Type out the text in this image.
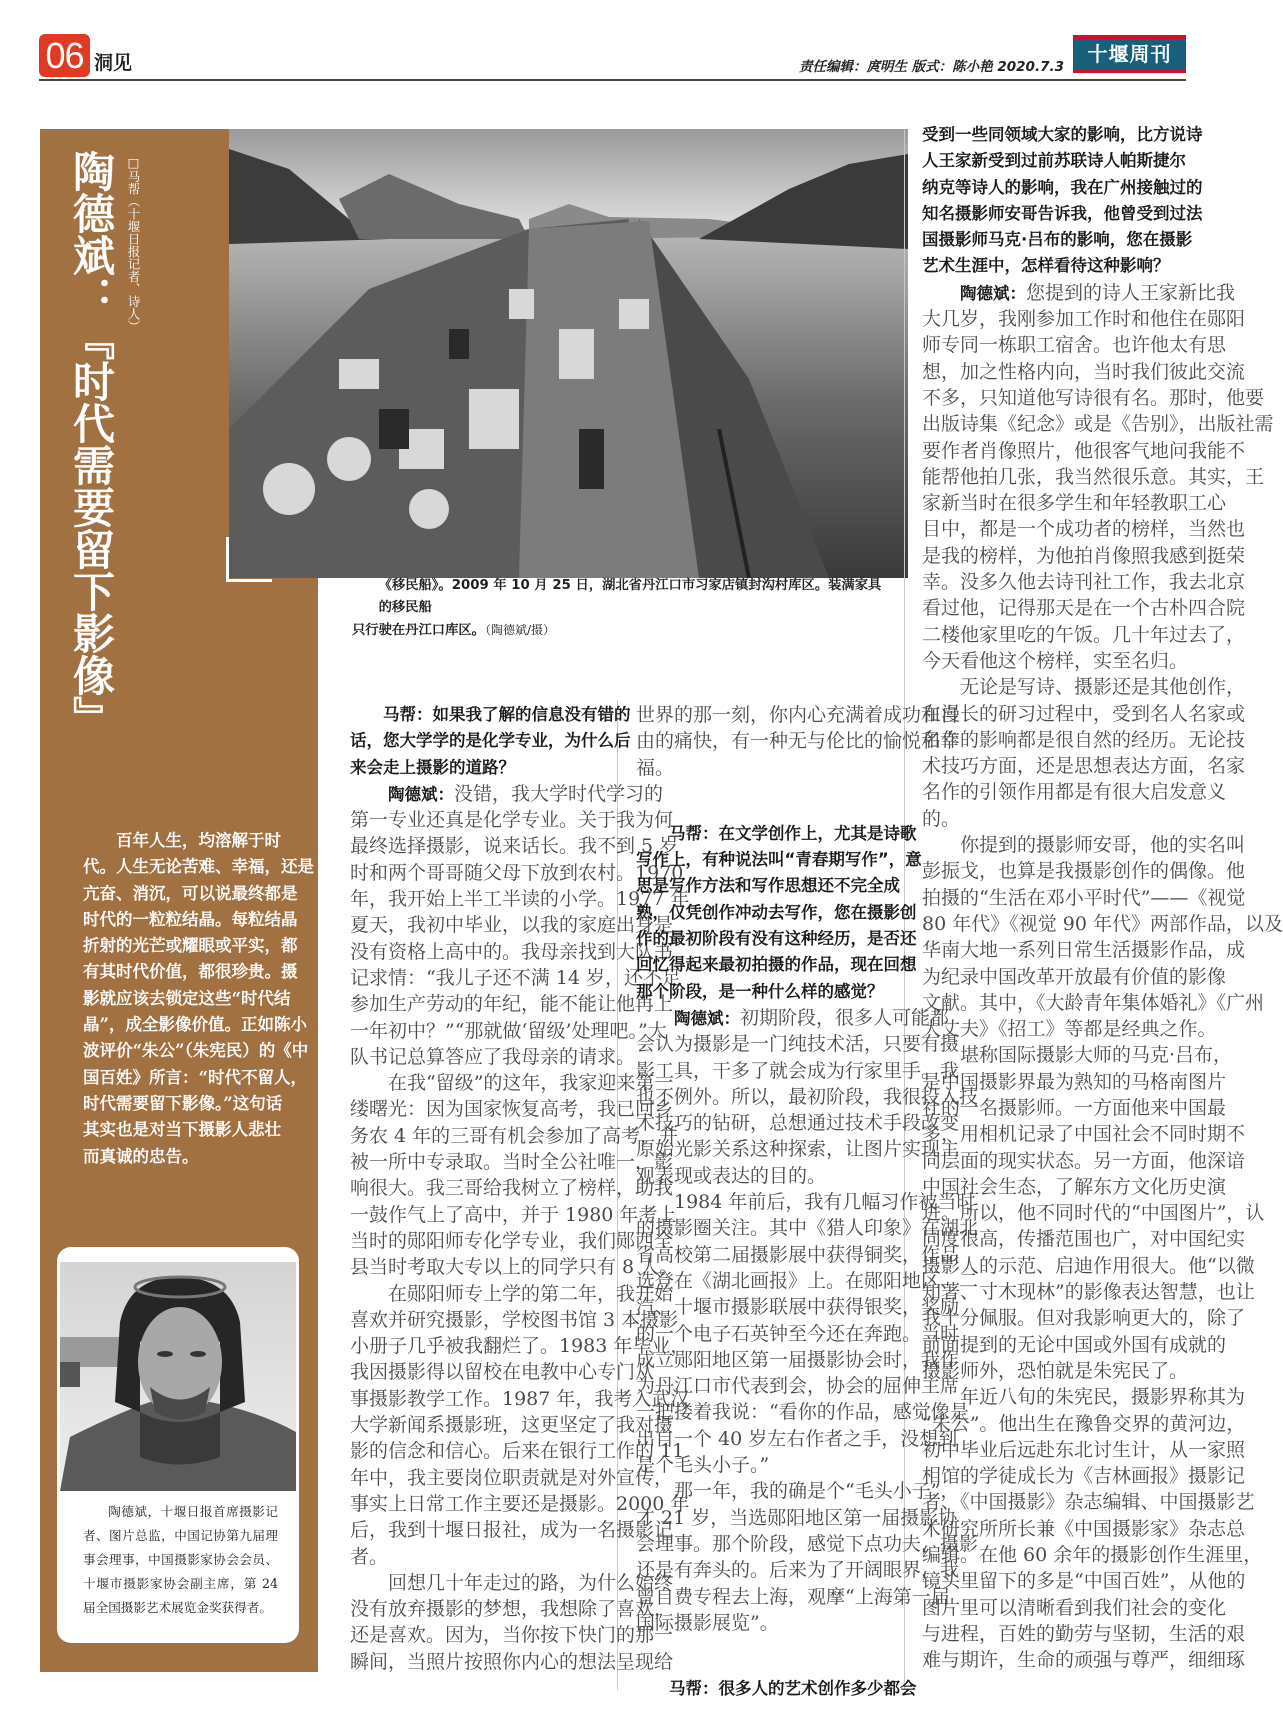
06 洞见	责任编辑：庹明生 版式：陈小艳 2020.7.3
十堰周刊
陶德斌：『时代需要留下影像』 □马帮（十堰日报记者、诗人）
百年人生，均溶解于时
代。人生无论苦难、幸福，还是
亢奋、消沉，可以说最终都是
时代的一粒粒结晶。每粒结晶
折射的光芒或耀眼或平实，都
有其时代价值，都很珍贵。摄
影就应该去锁定这些“时代结
晶”，成全影像价值。正如陈小
波评价“朱公”（朱宪民）的《中
国百姓》所言：“时代不留人，
时代需要留下影像。”这句话
其实也是对当下摄影人悲壮
而真诚的忠告。
《移民船》。2009 年 10 月 25 日，湖北省丹江口市习家店镇封沟村库区。装满家具的移民船
只行驶在丹江口库区。（陶德斌/摄）
陶德斌，十堰日报首席摄影记
者、图片总监，中国记协第九届理
事会理事，中国摄影家协会会员、
十堰市摄影家协会副主席，第 24
届全国摄影艺术展览金奖获得者。
马帮：如果我了解的信息没有错的
话，您大学学的是化学专业，为什么后
来会走上摄影的道路？
陶德斌：没错，我大学时代学习的
第一专业还真是化学专业。关于我为何
最终选择摄影，说来话长。我不到 5 岁
时和两个哥哥随父母下放到农村。1970
年，我开始上半工半读的小学。1977 年
夏天，我初中毕业，以我的家庭出身是
没有资格上高中的。我母亲找到大队书
记求情：“我儿子还不满 14 岁，还不足
参加生产劳动的年纪，能不能让他再上
一年初中？”“那就做‘留级’处理吧。”大
队书记总算答应了我母亲的请求。
在我“留级”的这年，我家迎来第一
缕曙光：因为国家恢复高考，我已回乡
务农 4 年的三哥有机会参加了高考，并
被一所中专录取。当时全公社唯一，影
响很大。我三哥给我树立了榜样，助我
一鼓作气上了高中，并于 1980 年考上
当时的郧阳师专化学专业，我们郧西全
县当时考取大专以上的同学只有 8 人。
在郧阳师专上学的第二年，我开始
喜欢并研究摄影，学校图书馆 3 本摄影
小册子几乎被我翻烂了。1983 年毕业，
我因摄影得以留校在电教中心专门从
事摄影教学工作。1987 年，我考入武汉
大学新闻系摄影班，这更坚定了我对摄
影的信念和信心。后来在银行工作的 11
年中，我主要岗位职责就是对外宣传，
事实上日常工作主要还是摄影。2000 年
后，我到十堰日报社，成为一名摄影记
者。
回想几十年走过的路，为什么始终
没有放弃摄影的梦想，我想除了喜欢，
还是喜欢。因为，当你按下快门的那一
瞬间，当照片按照你内心的想法呈现给
世界的那一刻，你内心充满着成功和自
由的痛快，有一种无与伦比的愉悦和幸
福。
马帮：在文学创作上，尤其是诗歌
写作上，有种说法叫“青春期写作”，意
思是写作方法和写作思想还不完全成
熟，仅凭创作冲动去写作，您在摄影创
作的最初阶段有没有这种经历，是否还
回忆得起来最初拍摄的作品，现在回想
那个阶段，是一种什么样的感觉？
陶德斌：初期阶段，很多人可能都
会认为摄影是一门纯技术活，只要有摄
影工具，干多了就会成为行家里手。我
也不例外。所以，最初阶段，我很投入技
术技巧的钻研，总想通过技术手段改变
原始光影关系这种探索，让图片实现主
观表现或表达的目的。
1984 年前后，我有几幅习作被当时
的摄影圈关注。其中《猎人印象》在湖北
省高校第二届摄影展中获得铜奖，作品
选登在《湖北画报》上。在郧阳地区、二
汽、十堰市摄影联展中获得银奖，奖励
的一个电子石英钟至今还在奔跑。当时
成立郧阳地区第一届摄影协会时，我作
为丹江口市代表到会，协会的屈伸主席
一把搂着我说：“看你的作品，感觉像是
出自一个 40 岁左右作者之手，没想到
是个毛头小子。”
那一年，我的确是个“毛头小子”，
才 21 岁，当选郧阳地区第一届摄影协
会理事。那个阶段，感觉下点功夫，摄影
还是有奔头的。后来为了开阔眼界，我
曾自费专程去上海，观摩“上海第一届
国际摄影展览”。
马帮：很多人的艺术创作多少都会
受到一些同领域大家的影响，比方说诗
人王家新受到过前苏联诗人帕斯捷尔
纳克等诗人的影响，我在广州接触过的
知名摄影师安哥告诉我，他曾受到过法
国摄影师马克·吕布的影响，您在摄影
艺术生涯中，怎样看待这种影响？
陶德斌：您提到的诗人王家新比我
大几岁，我刚参加工作时和他住在郧阳
师专同一栋职工宿舍。也许他太有思
想，加之性格内向，当时我们彼此交流
不多，只知道他写诗很有名。那时，他要
出版诗集《纪念》或是《告别》，出版社需
要作者肖像照片，他很客气地问我能不
能帮他拍几张，我当然很乐意。其实，王
家新当时在很多学生和年轻教职工心
目中，都是一个成功者的榜样，当然也
是我的榜样，为他拍肖像照我感到挺荣
幸。没多久他去诗刊社工作，我去北京
看过他，记得那天是在一个古朴四合院
二楼他家里吃的午饭。几十年过去了，
今天看他这个榜样，实至名归。
无论是写诗、摄影还是其他创作，
在漫长的研习过程中，受到名人名家或
名作的影响都是很自然的经历。无论技
术技巧方面，还是思想表达方面，名家
名作的引领作用都是有很大启发意义
的。
你提到的摄影师安哥，他的实名叫
彭振戈，也算是我摄影创作的偶像。他
拍摄的“生活在邓小平时代”——《视觉
80 年代》《视觉 90 年代》两部作品，以及
华南大地一系列日常生活摄影作品，成
为纪录中国改革开放最有价值的影像
文献。其中，《大龄青年集体婚礼》《广州
大丈夫》《招工》等都是经典之作。
堪称国际摄影大师的马克·吕布，
是中国摄影界最为熟知的马格南图片
社的一名摄影师。一方面他来中国最
多，用相机记录了中国社会不同时期不
同层面的现实状态。另一方面，他深谙
中国社会生态，了解东方文化历史演
进。所以，他不同时代的“中国图片”，认
同度很高，传播范围也广，对中国纪实
摄影人的示范、启迪作用很大。他“以微
知著、寸木现林”的影像表达智慧，也让
我十分佩服。但对我影响更大的，除了
前面提到的无论中国或外国有成就的
摄影师外，恐怕就是朱宪民了。
年近八旬的朱宪民，摄影界称其为
“朱公”。他出生在豫鲁交界的黄河边，
初中毕业后远赴东北讨生计，从一家照
相馆的学徒成长为《吉林画报》摄影记
者、《中国摄影》杂志编辑、中国摄影艺
术研究所所长兼《中国摄影家》杂志总
编辑。在他 60 余年的摄影创作生涯里，
镜头里留下的多是“中国百姓”，从他的
图片里可以清晰看到我们社会的变化
与进程，百姓的勤劳与坚韧，生活的艰
难与期许，生命的顽强与尊严，细细琢
